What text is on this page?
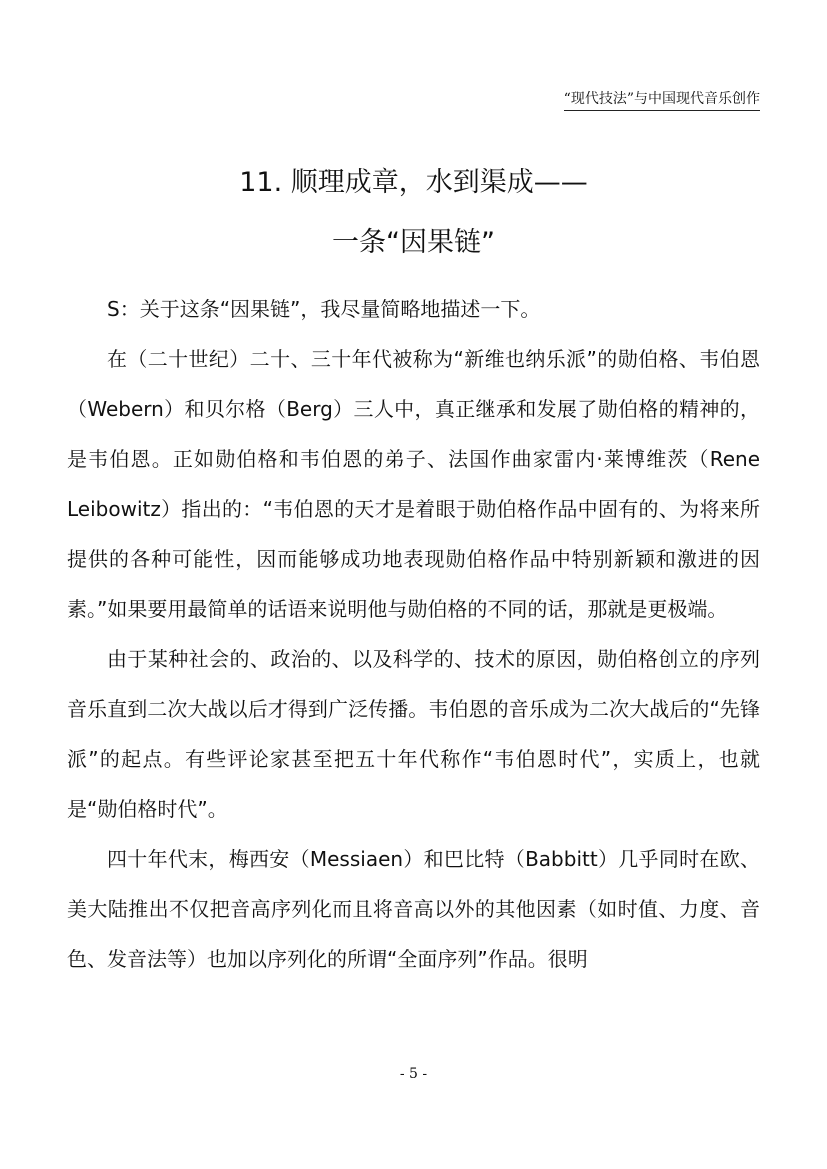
“现代技法”与中国现代音乐创作
11. 顺理成章，水到渠成——
一条“因果链”

S：关于这条“因果链”，我尽量简略地描述一下。

在（二十世纪）二十、三十年代被称为“新维也纳乐派”的勋伯格、韦伯恩（Webern）和贝尔格（Berg）三人中，真正继承和发展了勋伯格的精神的，是韦伯恩。正如勋伯格和韦伯恩的弟子、法国作曲家雷内·莱博维茨（Rene Leibowitz）指出的：“韦伯恩的天才是着眼于勋伯格作品中固有的、为将来所提供的各种可能性，因而能够成功地表现勋伯格作品中特别新颖和激进的因素。”如果要用最简单的话语来说明他与勋伯格的不同的话，那就是更极端。

由于某种社会的、政治的、以及科学的、技术的原因，勋伯格创立的序列音乐直到二次大战以后才得到广泛传播。韦伯恩的音乐成为二次大战后的“先锋派”的起点。有些评论家甚至把五十年代称作“韦伯恩时代”，实质上，也就是“勋伯格时代”。

四十年代末，梅西安（Messiaen）和巴比特（Babbitt）几乎同时在欧、美大陆推出不仅把音高序列化而且将音高以外的其他因素（如时值、力度、音色、发音法等）也加以序列化的所谓“全面序列”作品。很明

- 5 -
